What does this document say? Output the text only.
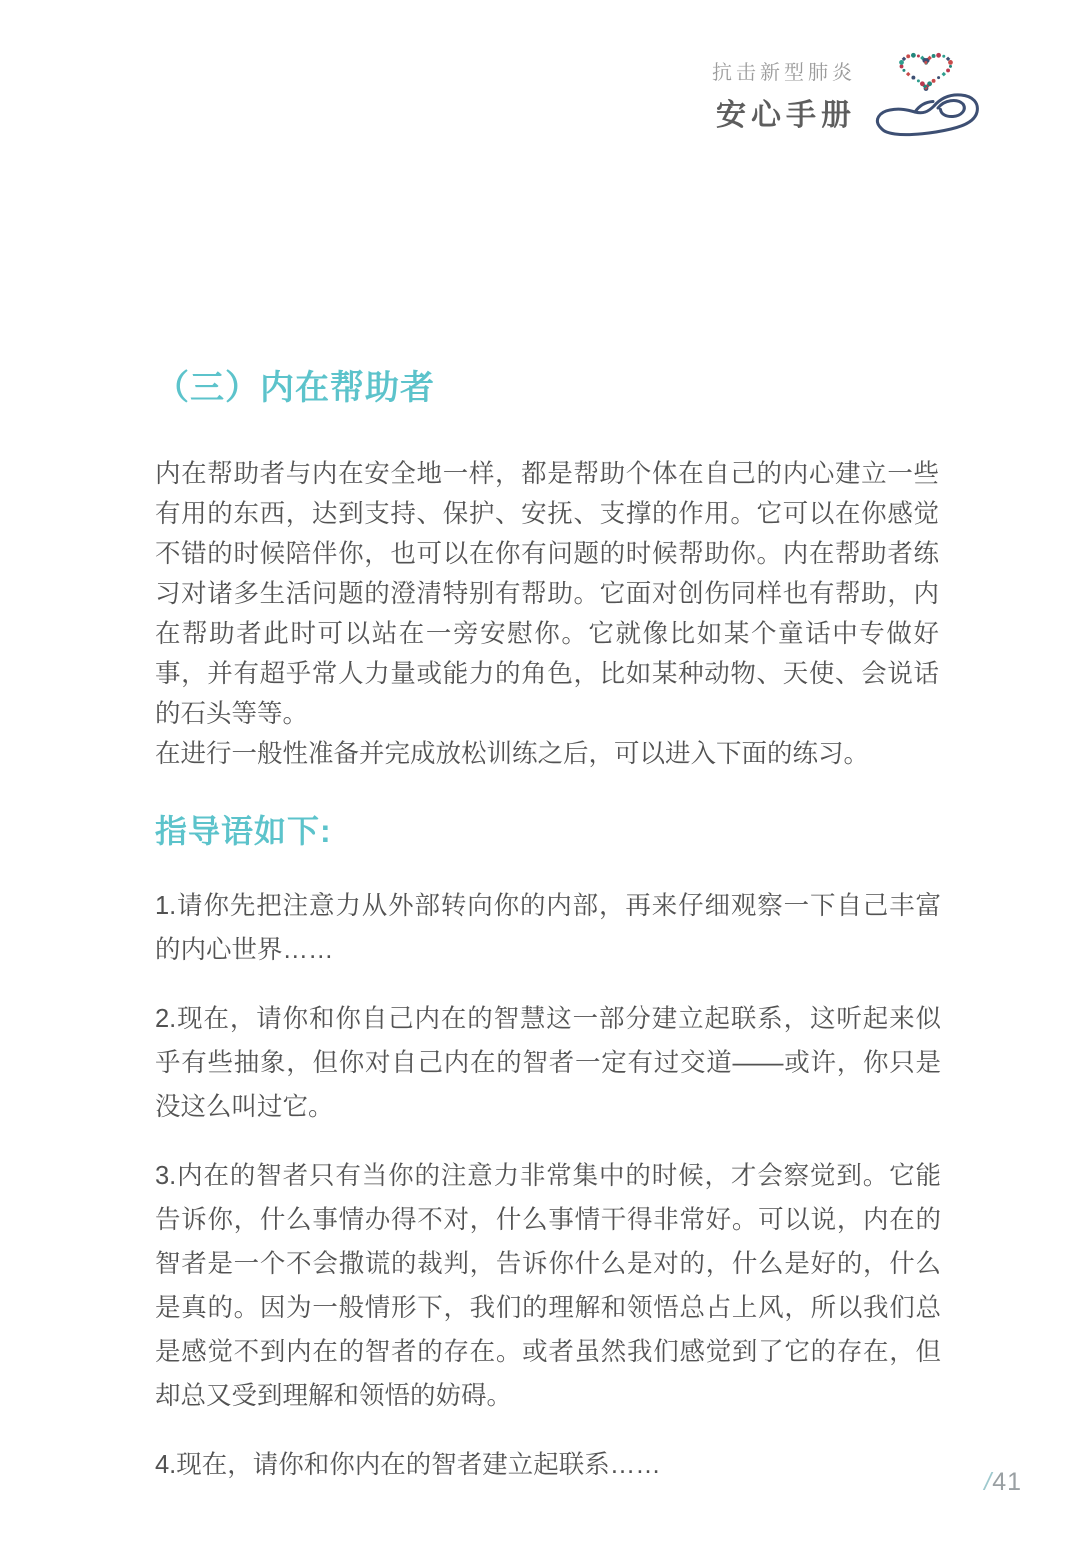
抗击新型肺炎
安心手册
（三）内在帮助者

内在帮助者与内在安全地一样，都是帮助个体在自己的内心建立一些有用的东西，达到支持、保护、安抚、支撑的作用。它可以在你感觉不错的时候陪伴你，也可以在你有问题的时候帮助你。内在帮助者练习对诸多生活问题的澄清特别有帮助。它面对创伤同样也有帮助，内在帮助者此时可以站在一旁安慰你。它就像比如某个童话中专做好事，并有超乎常人力量或能力的角色，比如某种动物、天使、会说话的石头等等。

在进行一般性准备并完成放松训练之后，可以进入下面的练习。

指导语如下:

1.请你先把注意力从外部转向你的内部，再来仔细观察一下自己丰富的内心世界……

2.现在，请你和你自己内在的智慧这一部分建立起联系，这听起来似乎有些抽象，但你对自己内在的智者一定有过交道——或许，你只是没这么叫过它。

3.内在的智者只有当你的注意力非常集中的时候，才会察觉到。它能告诉你，什么事情办得不对，什么事情干得非常好。可以说，内在的智者是一个不会撒谎的裁判，告诉你什么是对的，什么是好的，什么是真的。因为一般情形下，我们的理解和领悟总占上风，所以我们总是感觉不到内在的智者的存在。或者虽然我们感觉到了它的存在，但却总又受到理解和领悟的妨碍。

4.现在，请你和你内在的智者建立起联系……

/41
